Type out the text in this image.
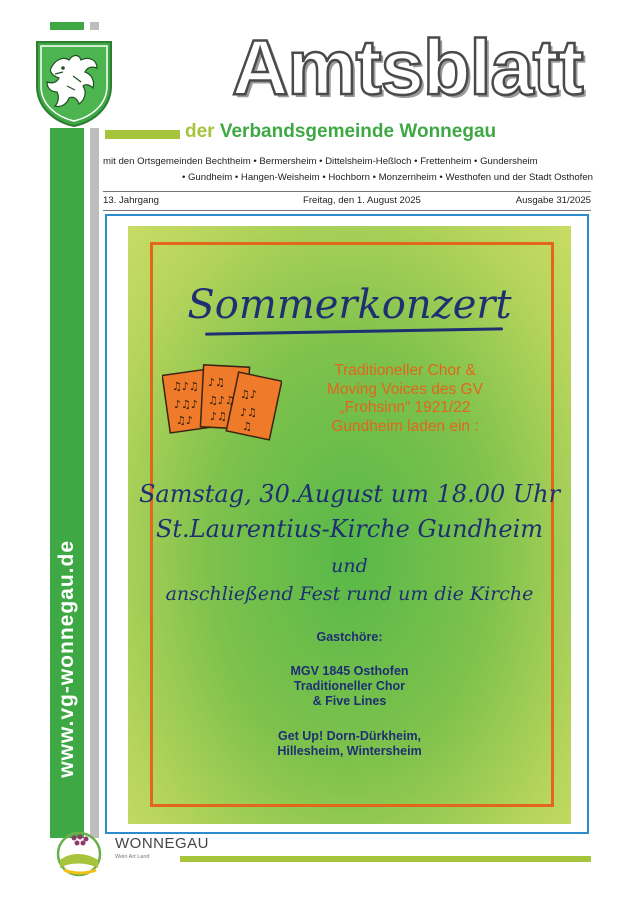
www.vg-wonnegau.de
Amtsblatt
der Verbandsgemeinde Wonnegau
mit den Ortsgemeinden Bechtheim • Bermersheim • Dittelsheim-Heßloch • Frettenheim • Gundersheim
• Gundheim • Hangen-Weisheim • Hochborn • Monzernheim • Westhofen und der Stadt Osthofen
13. Jahrgang	Freitag, den 1. August 2025	Ausgabe 31/2025
Sommerkonzert
♫♪♫
♪♫♪
♫♪
♪♫
♫♪♫
♪♫
♫♪
♪♫
♫
Traditioneller Chor &
Moving Voices des GV
„Frohsinn“ 1921/22
Gundheim laden ein :
Samstag, 30.August um 18.00 Uhr
St.Laurentius-Kirche Gundheim
und
anschließend Fest rund um die Kirche
Gastchöre:
MGV 1845 Osthofen
Traditioneller Chor
& Five Lines
Get Up! Dorn-Dürkheim,
Hillesheim, Wintersheim
WONNEGAU
Wein Art Land
